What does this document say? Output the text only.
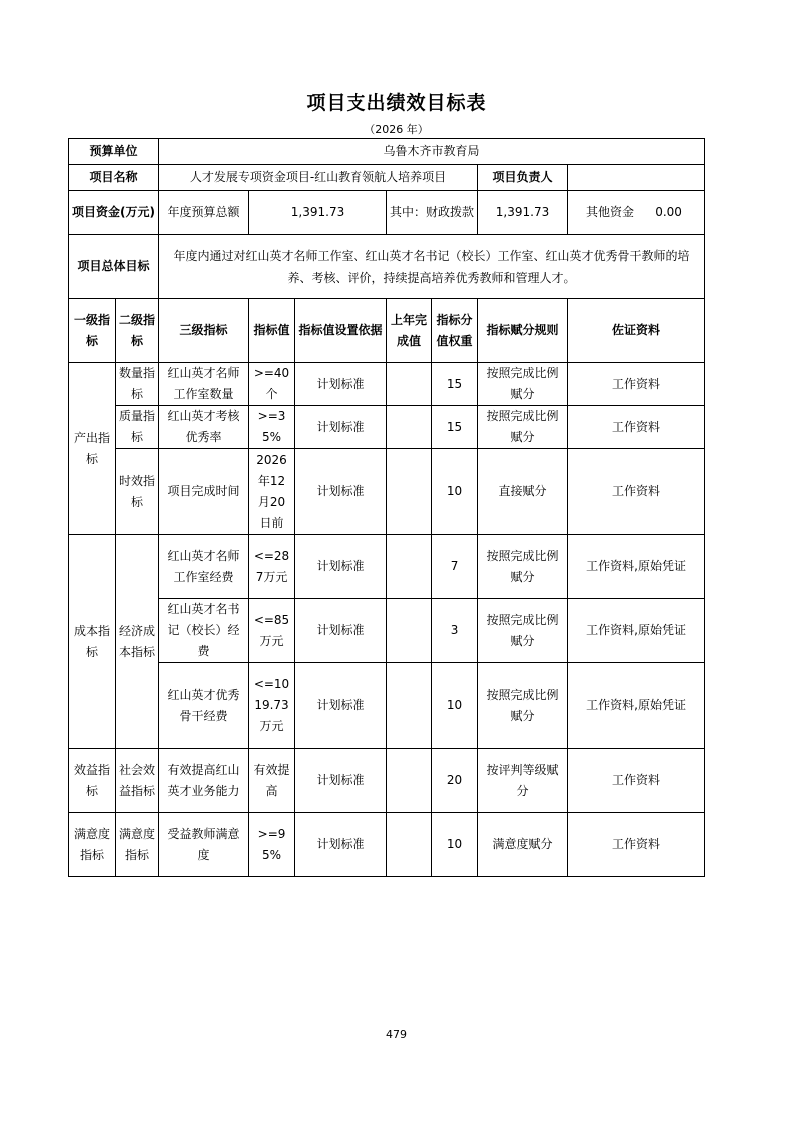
项目支出绩效目标表
（2026 年）
预算单位		乌鲁木齐市教育局						
项目名称		人才发展专项资金项目-红山教育领航人培养项目					项目负责人	
项目资金(万元)		年度预算总额	1,391.73		其中：财政拨款		1,391.73	其他资金 0.00
项目总体目标		年度内通过对红山英才名师工作室、红山英才名书记（校长）工作室、红山英才优秀骨干教师的培养、考核、评价，持续提高培养优秀教师和管理人才。						
一级指标	二级指标	三级指标	指标值	指标值设置依据	上年完成值	指标分值权重	指标赋分规则	佐证资料
产出指标	数量指标	红山英才名师工作室数量	>=40个	计划标准		15	按照完成比例赋分	工作资料
	质量指标	红山英才考核优秀率	>=35%	计划标准		15	按照完成比例赋分	工作资料
	时效指标	项目完成时间	2026年12月20日前	计划标准		10	直接赋分	工作资料
成本指标	经济成本指标	红山英才名师工作室经费	<=287万元	计划标准		7	按照完成比例赋分	工作资料,原始凭证
		红山英才名书记（校长）经费	<=85万元	计划标准		3	按照完成比例赋分	工作资料,原始凭证
		红山英才优秀骨干经费	<=1019.73万元	计划标准		10	按照完成比例赋分	工作资料,原始凭证
效益指标	社会效益指标	有效提高红山英才业务能力	有效提高	计划标准		20	按评判等级赋分	工作资料
满意度指标	满意度指标	受益教师满意度	>=95%	计划标准		10	满意度赋分	工作资料
479
